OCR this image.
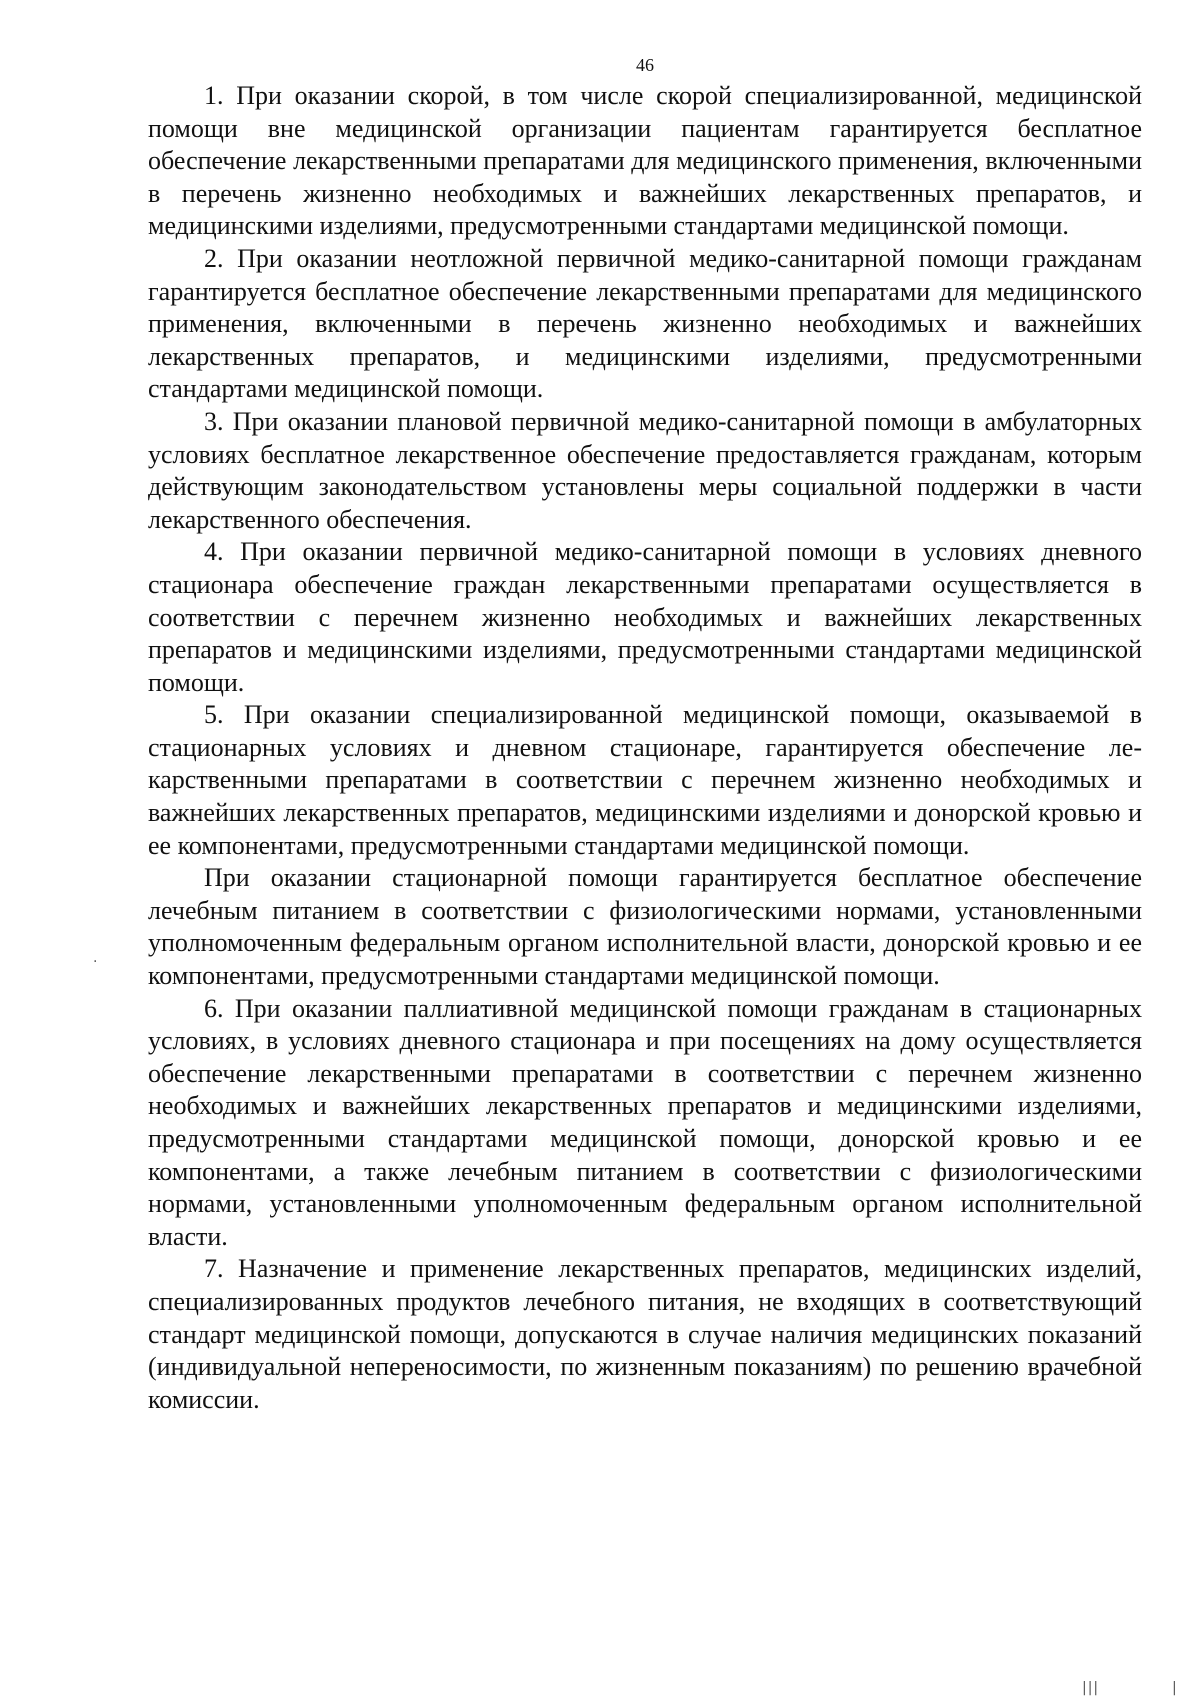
46

1. При оказании скорой, в том числе скорой специализированной, медицинской помощи вне медицинской организации пациентам гарантируется бесплатное обеспечение лекарственными препаратами для медицинского применения, включенными в перечень жизненно необходимых и важнейших лекарственных препаратов, и медицинскими изделиями, предусмотренными стандартами медицинской помощи.

2. При оказании неотложной первичной медико-санитарной помощи гражданам гарантируется бесплатное обеспечение лекарственными препаратами для медицинского применения, включенными в перечень жизненно необходимых и важнейших лекарственных препаратов, и медицинскими изделиями, предусмотренными стандартами медицинской помощи.

3. При оказании плановой первичной медико-санитарной помощи в амбулаторных условиях бесплатное лекарственное обеспечение предоставляется гражданам, которым действующим законодательством установлены меры социальной поддержки в части лекарственного обеспечения.

4. При оказании первичной медико-санитарной помощи в условиях дневного стационара обеспечение граждан лекарственными препаратами осуществляется в соответствии с перечнем жизненно необходимых и важнейших лекарственных препаратов и медицинскими изделиями, предусмотренными стандартами медицинской помощи.

5. При оказании специализированной медицинской помощи, оказываемой в стационарных условиях и дневном стационаре, гарантируется обеспечение лекарственными препаратами в соответствии с перечнем жизненно необходимых и важнейших лекарственных препаратов, медицинскими изделиями и донорской кровью и ее компонентами, предусмотренными стандартами медицинской помощи.

При оказании стационарной помощи гарантируется бесплатное обеспечение лечебным питанием в соответствии с физиологическими нормами, установленными уполномоченным федеральным органом исполнительной власти, донорской кровью и ее компонентами, предусмотренными стандартами медицинской помощи.

6. При оказании паллиативной медицинской помощи гражданам в стационарных условиях, в условиях дневного стационара и при посещениях на дому осуществляется обеспечение лекарственными препаратами в соответствии с перечнем жизненно необходимых и важнейших лекарственных препаратов и медицинскими изделиями, предусмотренными стандартами медицинской помощи, донорской кровью и ее компонентами, а также лечебным питанием в соответствии с физиологическими нормами, установленными уполномоченным федеральным органом исполнительной власти.

7. Назначение и применение лекарственных препаратов, медицинских изделий, специализированных продуктов лечебного питания, не входящих в соответствующий стандарт медицинской помощи, допускаются в случае наличия медицинских показаний (индивидуальной непереносимости, по жизненным показаниям) по решению врачебной комиссии.

·
|||	|
